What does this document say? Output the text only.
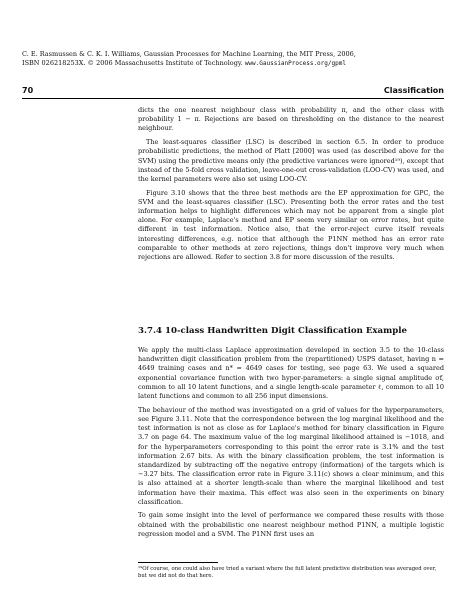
C. E. Rasmussen & C. K. I. Williams, Gaussian Processes for Machine Learning, the MIT Press, 2006,
ISBN 026218253X. © 2006 Massachusetts Institute of Technology. www.GaussianProcess.org/gpml
70	Classification

dicts the one nearest neighbour class with probability π, and the other class with probability 1 − π. Rejections are based on thresholding on the distance to the nearest neighbour.

The least-squares classifier (LSC) is described in section 6.5. In order to produce probabilistic predictions, the method of Platt [2000] was used (as described above for the SVM) using the predictive means only (the predictive variances were ignored¹⁹), except that instead of the 5-fold cross validation, leave-one-out cross-validation (LOO-CV) was used, and the kernel parameters were also set using LOO-CV.

Figure 3.10 shows that the three best methods are the EP approximation for GPC, the SVM and the least-squares classifier (LSC). Presenting both the error rates and the test information helps to highlight differences which may not be apparent from a single plot alone. For example, Laplace's method and EP seem very similar on error rates, but quite different in test information. Notice also, that the error-reject curve itself reveals interesting differences, e.g. notice that although the P1NN method has an error rate comparable to other methods at zero rejections, things don't improve very much when rejections are allowed. Refer to section 3.8 for more discussion of the results.

3.7.4 10-class Handwritten Digit Classification Example

We apply the multi-class Laplace approximation developed in section 3.5 to the 10-class handwritten digit classification problem from the (repartitioned) USPS dataset, having n = 4649 training cases and n* = 4649 cases for testing, see page 63. We used a squared exponential covariance function with two hyper-parameters: a single signal amplitude σf, common to all 10 latent functions, and a single length-scale parameter ℓ, common to all 10 latent functions and common to all 256 input dimensions.

The behaviour of the method was investigated on a grid of values for the hyperparameters, see Figure 3.11. Note that the correspondence between the log marginal likelihood and the test information is not as close as for Laplace's method for binary classification in Figure 3.7 on page 64. The maximum value of the log marginal likelihood attained is −1018, and for the hyperparameters corresponding to this point the error rate is 3.1% and the test information 2.67 bits. As with the binary classification problem, the test information is standardized by subtracting off the negative entropy (information) of the targets which is −3.27 bits. The classification error rate in Figure 3.11(c) shows a clear minimum, and this is also attained at a shorter length-scale than where the marginal likelihood and test information have their maxima. This effect was also seen in the experiments on binary classification.

To gain some insight into the level of performance we compared these results with those obtained with the probabilistic one nearest neighbour method P1NN, a multiple logistic regression model and a SVM. The P1NN first uses an

¹⁹Of course, one could also have tried a variant where the full latent predictive distribution was averaged over, but we did not do that here.
